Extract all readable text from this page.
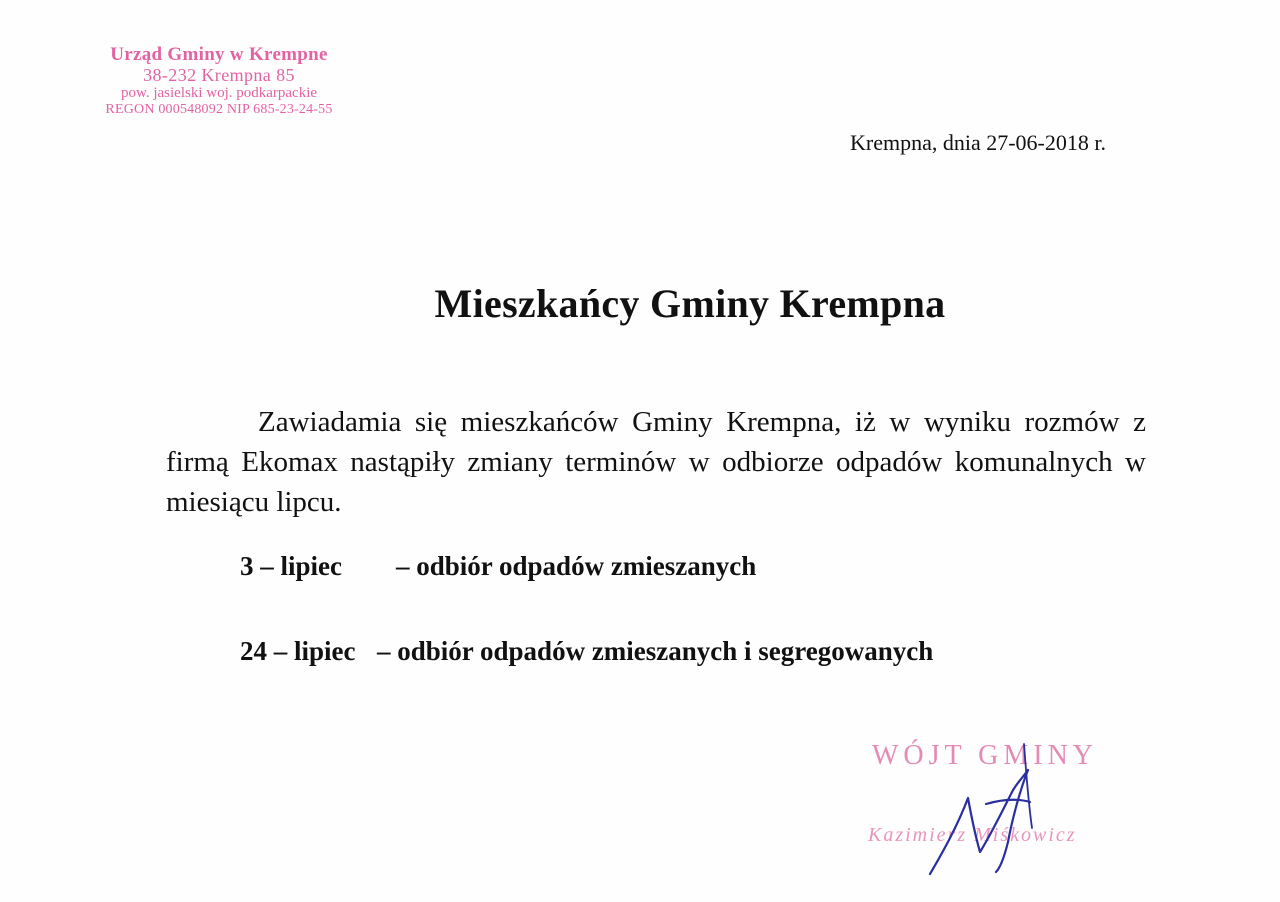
Urząd Gminy w Krempne
38-232 Krempna 85
pow. jasielski woj. podkarpackie
REGON 000548092 NIP 685-23-24-55
Krempna, dnia 27-06-2018 r.
Mieszkańcy Gminy Krempna
Zawiadamia się mieszkańców Gminy Krempna, iż w wyniku rozmów z firmą Ekomax nastąpiły zmiany terminów w odbiorze odpadów komunalnych w miesiącu lipcu.
3 – lipiec – odbiór odpadów zmieszanych
24 – lipiec – odbiór odpadów zmieszanych i segregowanych
WÓJT GMINY
Kazimierz Miśkowicz
